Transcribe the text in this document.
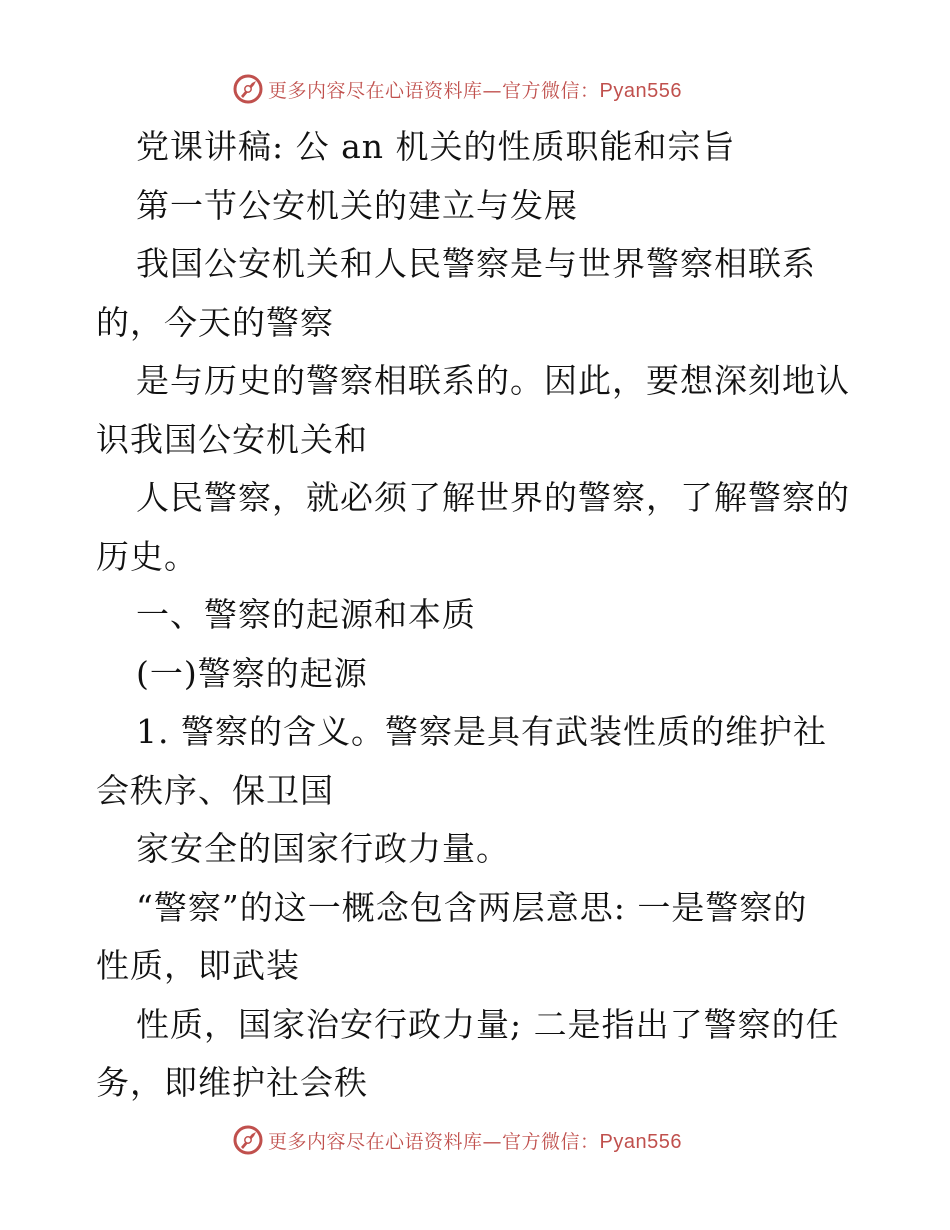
更多内容尽在心语资料库—官方微信：Pyan556
党课讲稿: 公 an 机关的性质职能和宗旨
第一节公安机关的建立与发展
我国公安机关和人民警察是与世界警察相联系
的，今天的警察
是与历史的警察相联系的。因此，要想深刻地认
识我国公安机关和
人民警察，就必须了解世界的警察，了解警察的
历史。
一、警察的起源和本质
(一)警察的起源
1. 警察的含义。警察是具有武装性质的维护社
会秩序、保卫国
家安全的国家行政力量。
“警察”的这一概念包含两层意思: 一是警察的
性质，即武装
性质，国家治安行政力量; 二是指出了警察的任
务，即维护社会秩
更多内容尽在心语资料库—官方微信：Pyan556
